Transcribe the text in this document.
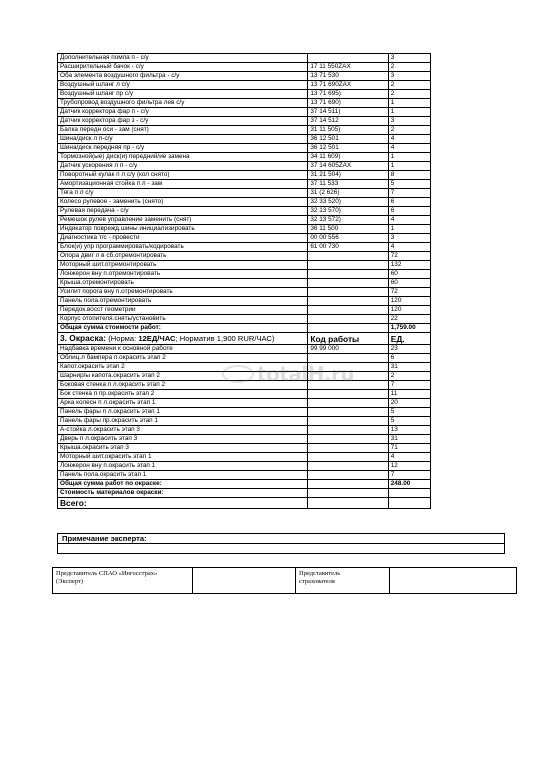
Дополнительная помпа п - с/у		3
Расширительный бачок - с/у	17 11 550ZAX	2
Оба элемента воздушного фильтра - с/у	13 71 530	3
Воздушный шланг л с/у	13 71 690ZAX	2
Воздушный шланг пр с/у	13 71 695)	2
Трубопровод воздушного фильтра лев с/у	13 71 690)	1
Датчик корректора фар п - с/у	37 14 511)	1
Датчик корректора фар з - с/у	37 14 512	3
Балка передн оси - зам (снят)	31 11 505)	2
Шина/диск л п-с/у	36 12 501	4
Шина/диск передняя пр - с/у	36 12 501	4
Тормозной(ые) диск(и) передний/ие замена	34 11 609)	1
Датчик ускорения л п - с/у	37 14 605ZAX	1
Поворотный кулак п л с/у (кол снято)	31 21 504)	8
Амортизационная стойка п л - зам	37 11 533	5
Тяга п л с/у	31 (2 626)	7
Колесо рулевое - заменить (снято)	32 33 520)	6
Рулевая передача - с/у	32 13 570)	6
Ремешок рулев управление заменить (снят)	32 13 572)	4
Индикатор поврежд.шины инициализировать	36 11 500	1
Диагностика т/с - провести	00 00 556	3
Блок(и) упр программировать/кодировать	61 00 730	4
Опора двиг л в сб.отремонтировать		72
Моторный шит.отремонтировать		132
Лонжерон вну п.отремонтировать		60
Крыша.отремонтировать		60
Усилит порога вну п.отремонтировать		72
Панель пола.отремонтировать		120
Передок.восст геометрии		120
Корпус отопителя.снять/установить		22
Общая сумма стоимости работ:		1,759.00
3. Окраска: (Норма: 12ЕД/ЧАС; Норматив 1,900 RUR/ЧАС)	Код работы	ЕД.
Надбавка времени к основной работе	99 99 000	23
Облиц.л бампера п.окрасить этап 2		6
Капот.окрасить этап 2		31
Шарнир/ы капота.окрасить этап 2		2
Боковая стенка п л.окрасить этап 2		7
Бок стенка п пр.окрасить этап 2		11
Арка колесн п л.окрасить этап 1		20
Панель фары п л.окрасить этап 1		5
Панель фары пр.окрасить этап 1		5
А-стойка л.окрасить этап 3		13
Дверь п л.окрасить этап 3		31
Крыша.окрасить этап 3		71
Моторный шит.окрасить этап 1		4
Лонжерон вну п.окрасить этап 1		12
Панель пола.окрасить этап 1		7
Общая сумма работ по окраске:		248.00
Стоимость материалов окраски:		
Всего:		
totalH.ru
Примечание эксперта:

Представитель СПАО «Ингосстрах»
(Эксперт)

Представитель
страхователя
